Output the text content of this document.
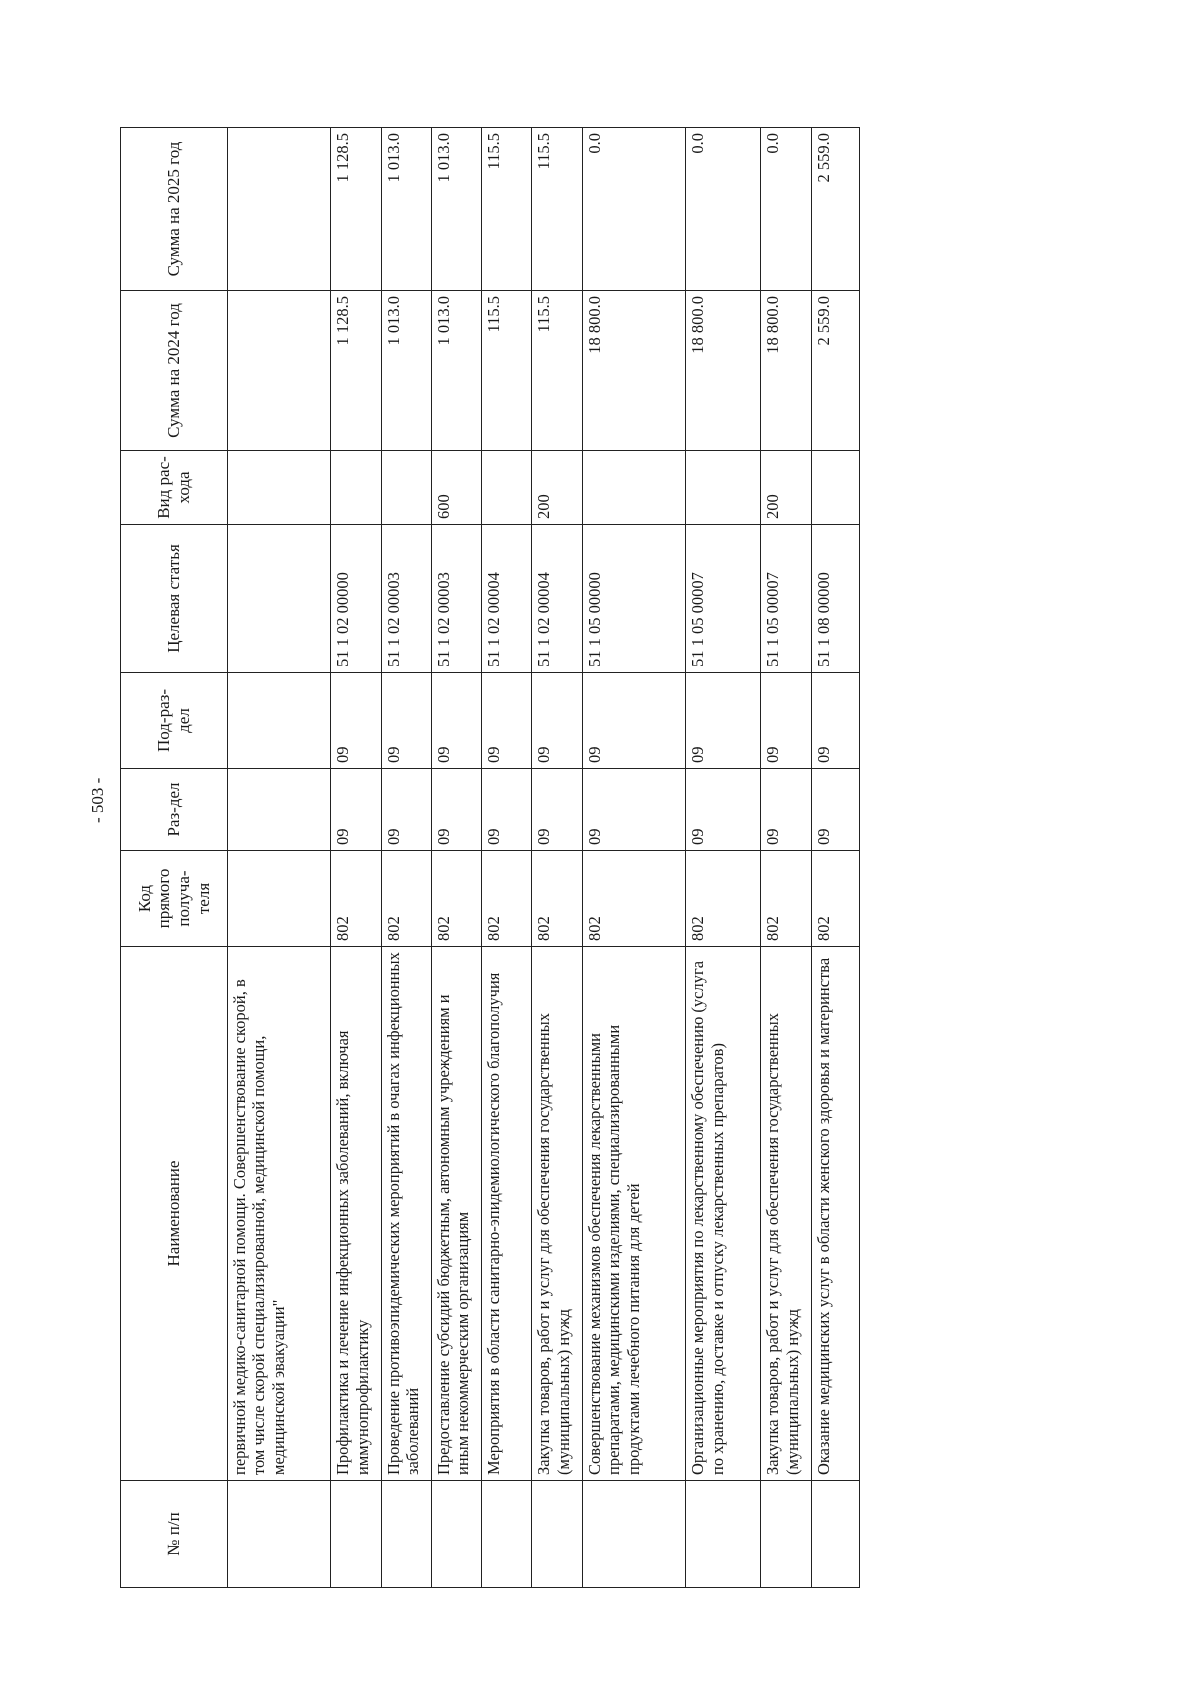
- 503 -
№ п/п	Наименование	Код прямого получа-теля	Раз-дел	Под-раз-дел	Целевая статья	Вид рас-хода	Сумма на 2024 год	Сумма на 2025 год
	первичной медико-санитарной помощи. Совершенствование скорой, в том числе скорой специализированной, медицинской помощи, медицинской эвакуации"							
	Профилактика и лечение инфекционных заболеваний, включая иммунопрофилактику	802	09	09	51 1 02 00000		1 128.5	1 128.5
	Проведение противоэпидемических мероприятий в очагах инфекционных заболеваний	802	09	09	51 1 02 00003		1 013.0	1 013.0
	Предоставление субсидий бюджетным, автономным учреждениям и иным некоммерческим организациям	802	09	09	51 1 02 00003	600	1 013.0	1 013.0
	Мероприятия в области санитарно-эпидемиологического благополучия	802	09	09	51 1 02 00004		115.5	115.5
	Закупка товаров, работ и услуг для обеспечения государственных (муниципальных) нужд	802	09	09	51 1 02 00004	200	115.5	115.5
	Совершенствование механизмов обеспечения лекарственными препаратами, медицинскими изделиями, специализированными продуктами лечебного питания для детей	802	09	09	51 1 05 00000		18 800.0	0.0
	Организационные мероприятия по лекарственному обеспечению (услуга по хранению, доставке и отпуску лекарственных препаратов)	802	09	09	51 1 05 00007		18 800.0	0.0
	Закупка товаров, работ и услуг для обеспечения государственных (муниципальных) нужд	802	09	09	51 1 05 00007	200	18 800.0	0.0
	Оказание медицинских услуг в области женского здоровья и материнства	802	09	09	51 1 08 00000		2 559.0	2 559.0
